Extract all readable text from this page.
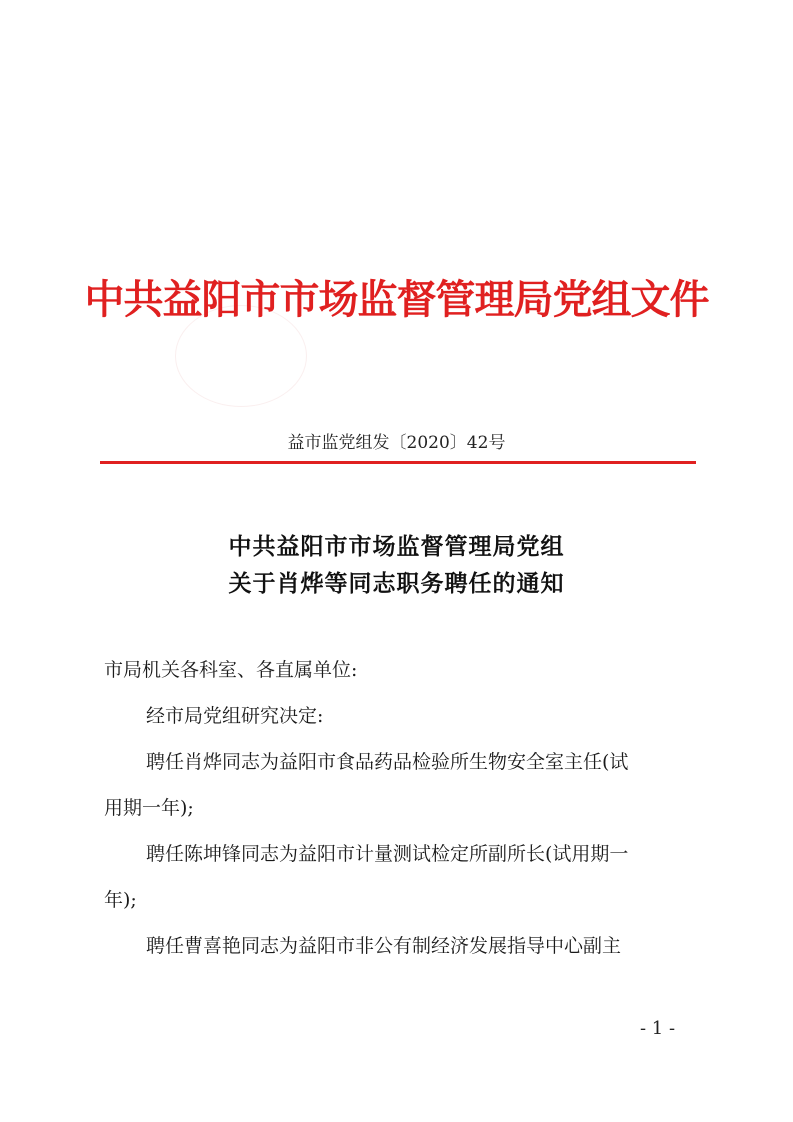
中共益阳市市场监督管理局党组文件
益市监党组发〔2020〕42号
中共益阳市市场监督管理局党组
关于肖烨等同志职务聘任的通知
市局机关各科室、各直属单位:
经市局党组研究决定:
聘任肖烨同志为益阳市食品药品检验所生物安全室主任(试
用期一年);
聘任陈坤锋同志为益阳市计量测试检定所副所长(试用期一
年);
聘任曹喜艳同志为益阳市非公有制经济发展指导中心副主
- 1 -
